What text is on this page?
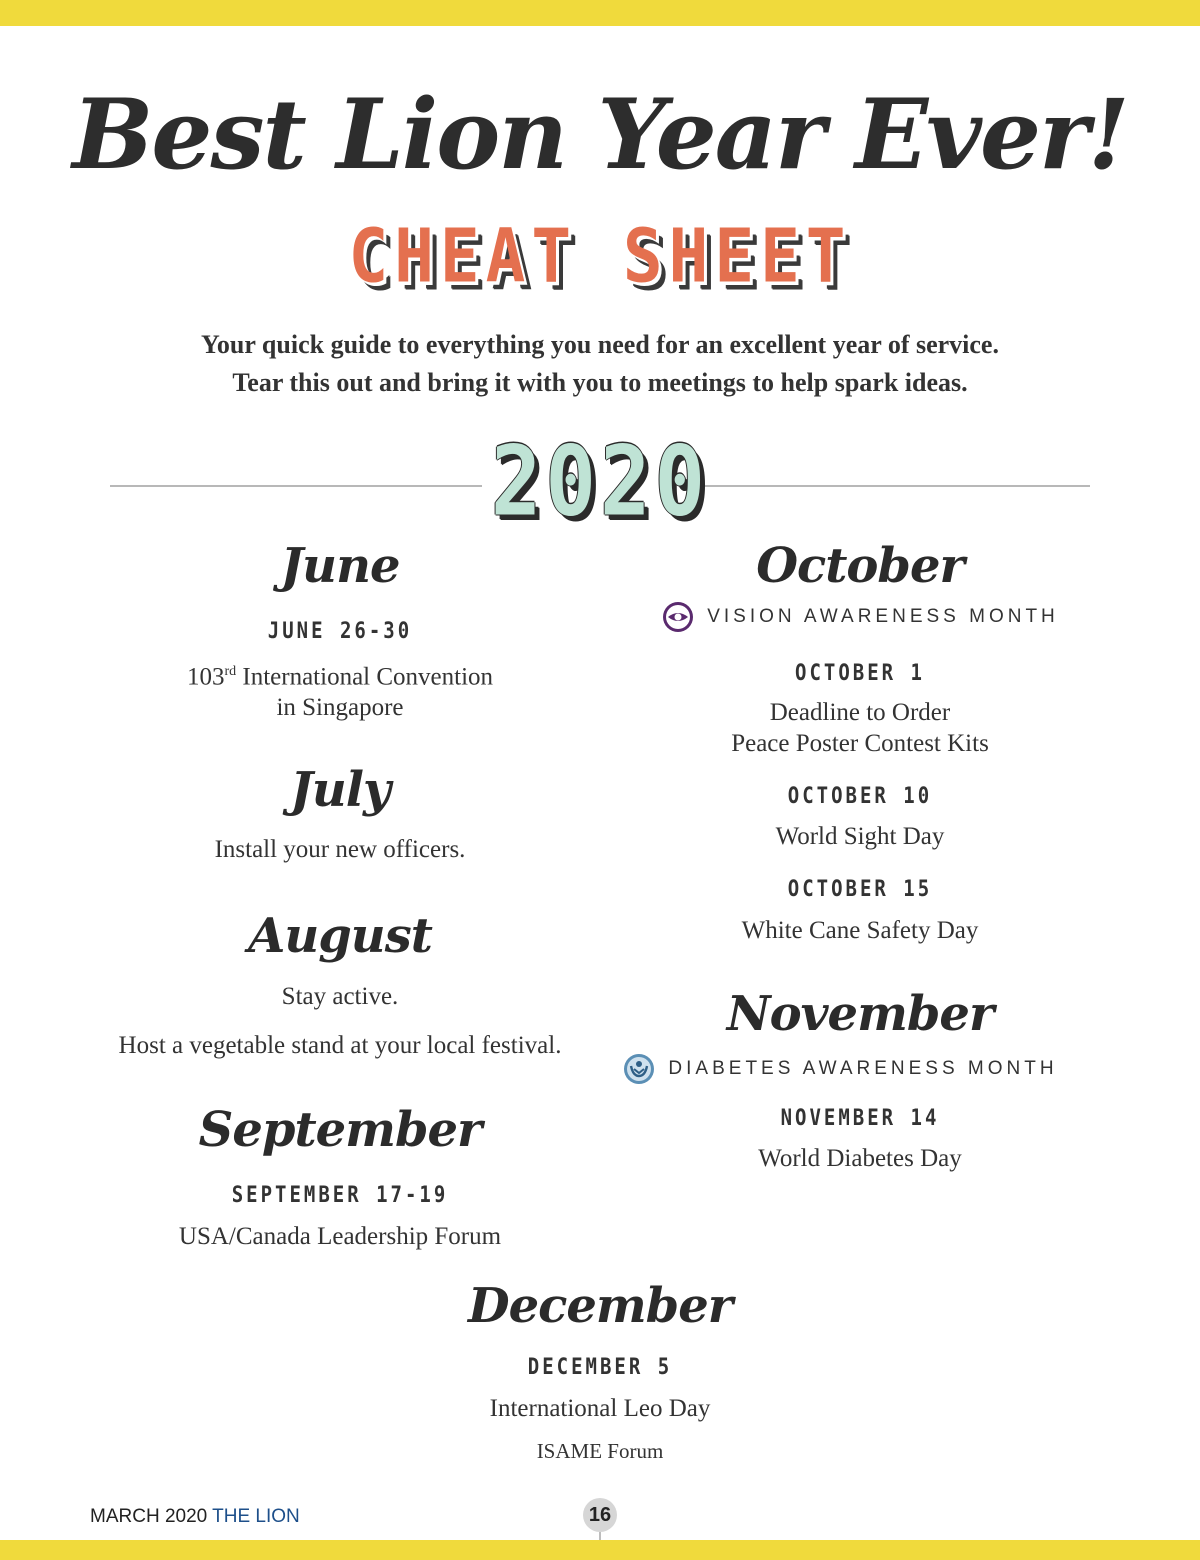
Best Lion Year Ever!
CHEAT SHEET
Your quick guide to everything you need for an excellent year of service.
Tear this out and bring it with you to meetings to help spark ideas.
2020
June
JUNE 26-30
103rd International Convention
in Singapore
July
Install your new officers.
August
Stay active.
Host a vegetable stand at your local festival.
September
SEPTEMBER 17-19
USA/Canada Leadership Forum
October
VISION AWARENESS MONTH
OCTOBER 1
Deadline to Order
Peace Poster Contest Kits
OCTOBER 10
World Sight Day
OCTOBER 15
White Cane Safety Day
November
DIABETES AWARENESS MONTH
NOVEMBER 14
World Diabetes Day
December
DECEMBER 5
International Leo Day
ISAME Forum
MARCH 2020 THE LION	16
